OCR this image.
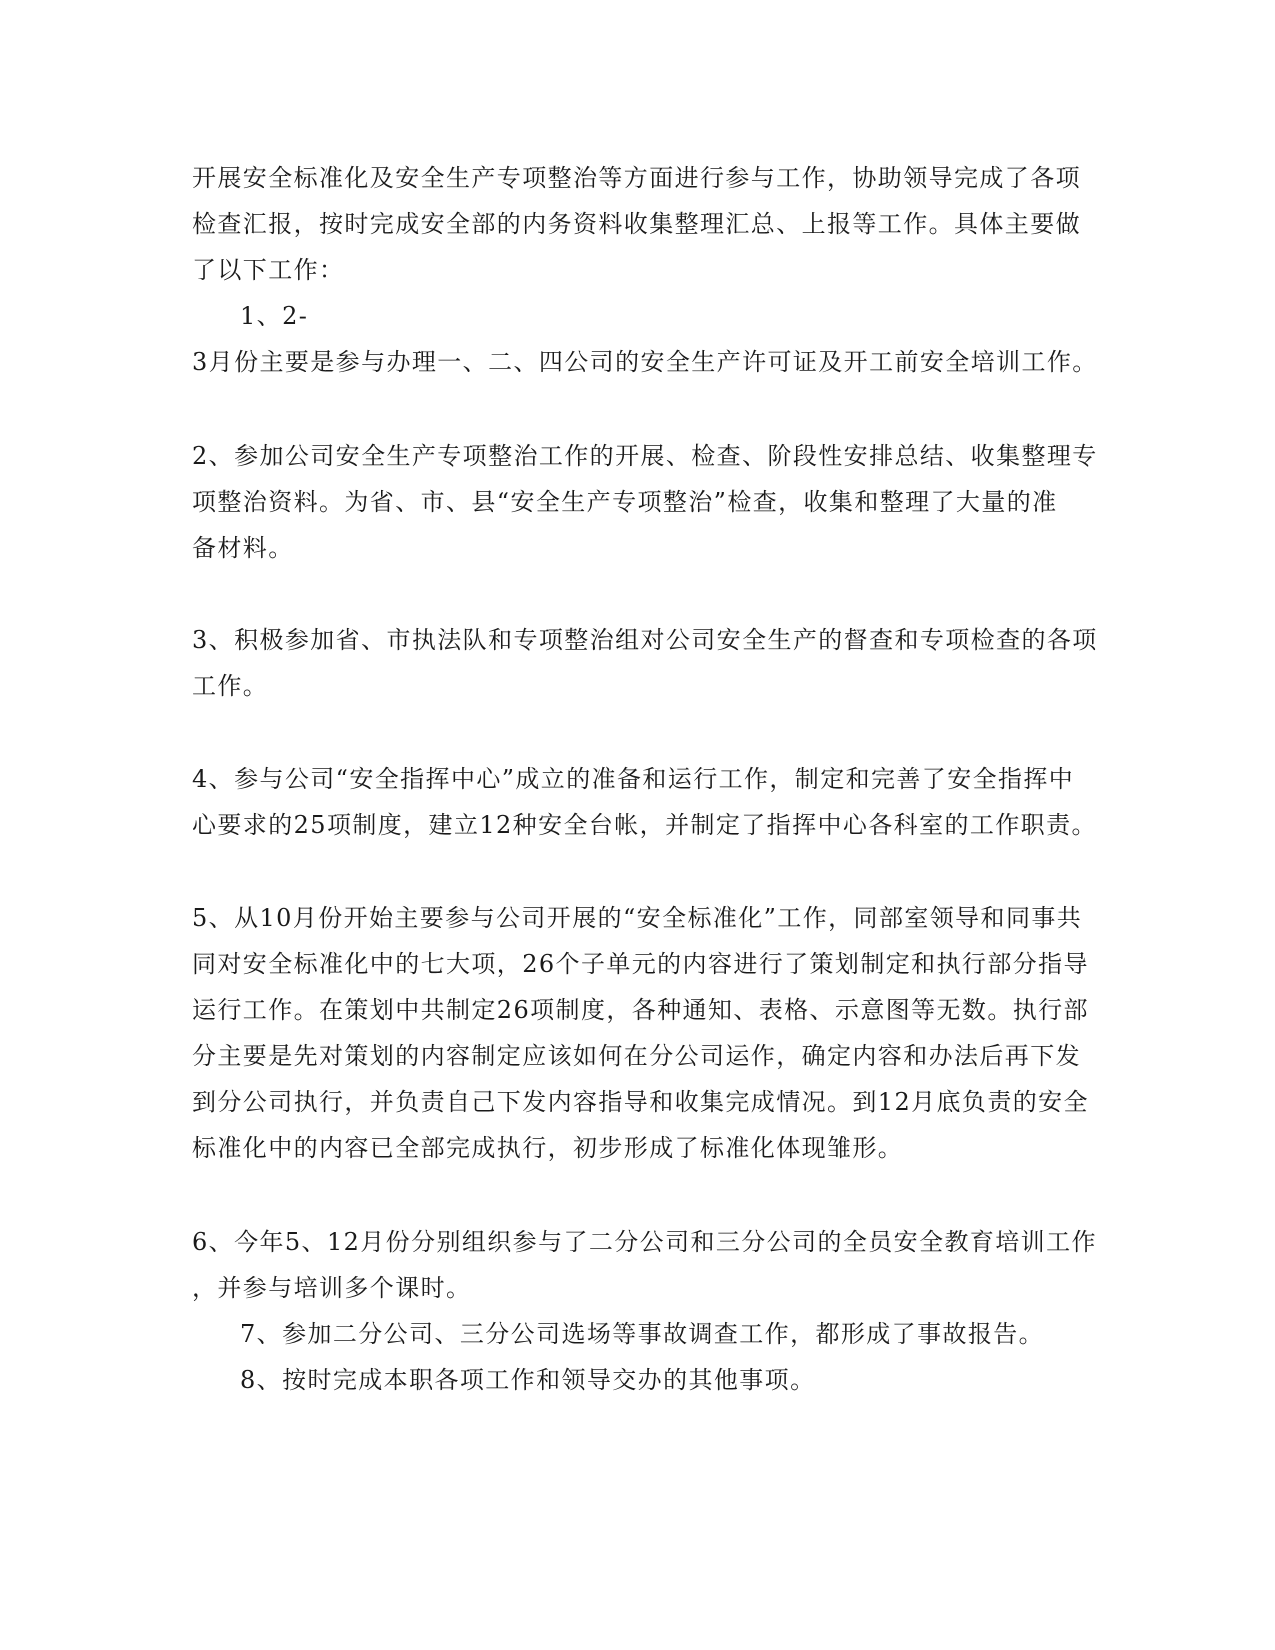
开展安全标准化及安全生产专项整治等方面进行参与工作，协助领导完成了各项
检查汇报，按时完成安全部的内务资料收集整理汇总、上报等工作。具体主要做
了以下工作：
1、2-
3月份主要是参与办理一、二、四公司的安全生产许可证及开工前安全培训工作。
2、参加公司安全生产专项整治工作的开展、检查、阶段性安排总结、收集整理专
项整治资料。为省、市、县“安全生产专项整治”检查，收集和整理了大量的准
备材料。
3、积极参加省、市执法队和专项整治组对公司安全生产的督查和专项检查的各项
工作。
4、参与公司“安全指挥中心”成立的准备和运行工作，制定和完善了安全指挥中
心要求的25项制度，建立12种安全台帐，并制定了指挥中心各科室的工作职责。
5、从10月份开始主要参与公司开展的“安全标准化”工作，同部室领导和同事共
同对安全标准化中的七大项，26个子单元的内容进行了策划制定和执行部分指导
运行工作。在策划中共制定26项制度，各种通知、表格、示意图等无数。执行部
分主要是先对策划的内容制定应该如何在分公司运作，确定内容和办法后再下发
到分公司执行，并负责自己下发内容指导和收集完成情况。到12月底负责的安全
标准化中的内容已全部完成执行，初步形成了标准化体现雏形。
6、今年5、12月份分别组织参与了二分公司和三分公司的全员安全教育培训工作
，并参与培训多个课时。
7、参加二分公司、三分公司选场等事故调查工作，都形成了事故报告。
8、按时完成本职各项工作和领导交办的其他事项。
